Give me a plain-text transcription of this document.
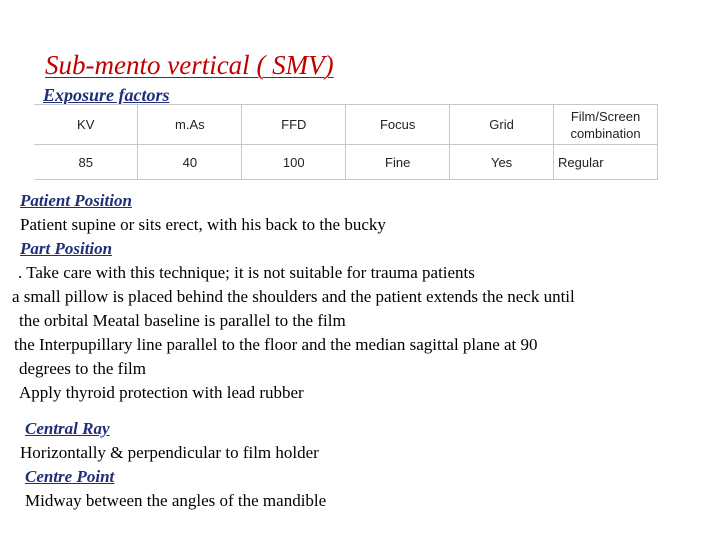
Sub-mento vertical ( SMV)
Exposure factors
KV	m.As	FFD	Focus	Grid	Film/Screen combination
85	40	100	Fine	Yes	Regular
Patient Position
Patient supine or sits erect, with his back to the bucky
Part Position
. Take care with this technique; it is not suitable for trauma patients
a small pillow is placed behind the shoulders and the patient extends the neck until
the orbital Meatal baseline is parallel to the film
the Interpupillary line parallel to the floor and the median sagittal plane at 90
degrees to the film
Apply thyroid protection with lead rubber
Central Ray
Horizontally & perpendicular to film holder
Centre Point
Midway between the angles of the mandible
